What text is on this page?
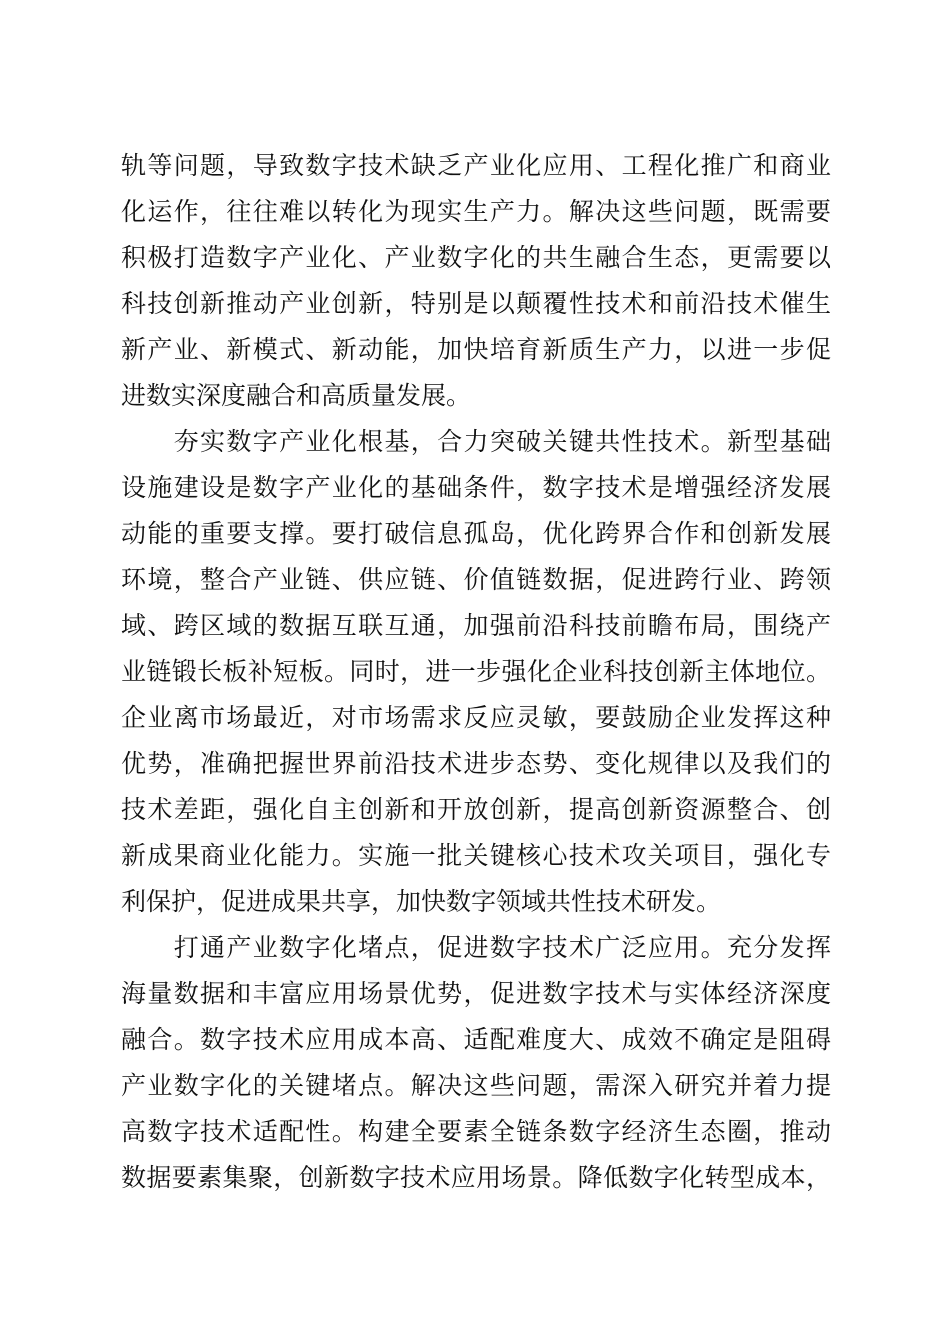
轨等问题，导致数字技术缺乏产业化应用、工程化推广和商业
化运作，往往难以转化为现实生产力。解决这些问题，既需要
积极打造数字产业化、产业数字化的共生融合生态，更需要以
科技创新推动产业创新，特别是以颠覆性技术和前沿技术催生
新产业、新模式、新动能，加快培育新质生产力，以进一步促
进数实深度融合和高质量发展。
　　夯实数字产业化根基，合力突破关键共性技术。新型基础
设施建设是数字产业化的基础条件，数字技术是增强经济发展
动能的重要支撑。要打破信息孤岛，优化跨界合作和创新发展
环境，整合产业链、供应链、价值链数据，促进跨行业、跨领
域、跨区域的数据互联互通，加强前沿科技前瞻布局，围绕产
业链锻长板补短板。同时，进一步强化企业科技创新主体地位。
企业离市场最近，对市场需求反应灵敏，要鼓励企业发挥这种
优势，准确把握世界前沿技术进步态势、变化规律以及我们的
技术差距，强化自主创新和开放创新，提高创新资源整合、创
新成果商业化能力。实施一批关键核心技术攻关项目，强化专
利保护，促进成果共享，加快数字领域共性技术研发。
　　打通产业数字化堵点，促进数字技术广泛应用。充分发挥
海量数据和丰富应用场景优势，促进数字技术与实体经济深度
融合。数字技术应用成本高、适配难度大、成效不确定是阻碍
产业数字化的关键堵点。解决这些问题，需深入研究并着力提
高数字技术适配性。构建全要素全链条数字经济生态圈，推动
数据要素集聚，创新数字技术应用场景。降低数字化转型成本，
